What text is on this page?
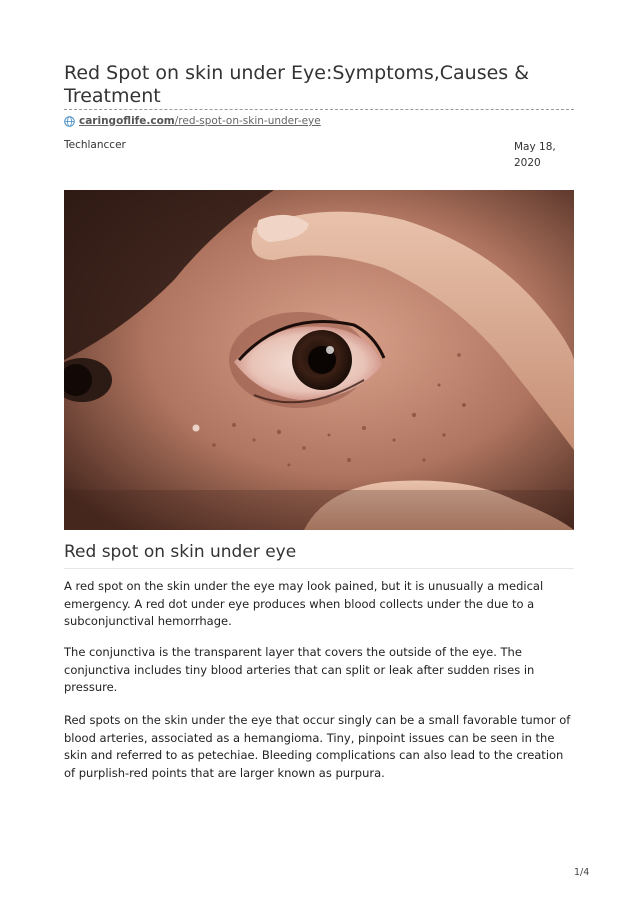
Red Spot on skin under Eye:Symptoms,Causes & Treatment
caringoflife.com/red-spot-on-skin-under-eye
Techlanccer	May 18, 2020
Red spot on skin under eye

A red spot on the skin under the eye may look pained, but it is unusually a medical emergency. A red dot under eye produces when blood collects under the due to a subconjunctival hemorrhage.

The conjunctiva is the transparent layer that covers the outside of the eye. The conjunctiva includes tiny blood arteries that can split or leak after sudden rises in pressure.

Red spots on the skin under the eye that occur singly can be a small favorable tumor of blood arteries, associated as a hemangioma. Tiny, pinpoint issues can be seen in the skin and referred to as petechiae. Bleeding complications can also lead to the creation of purplish-red points that are larger known as purpura.

1/4
